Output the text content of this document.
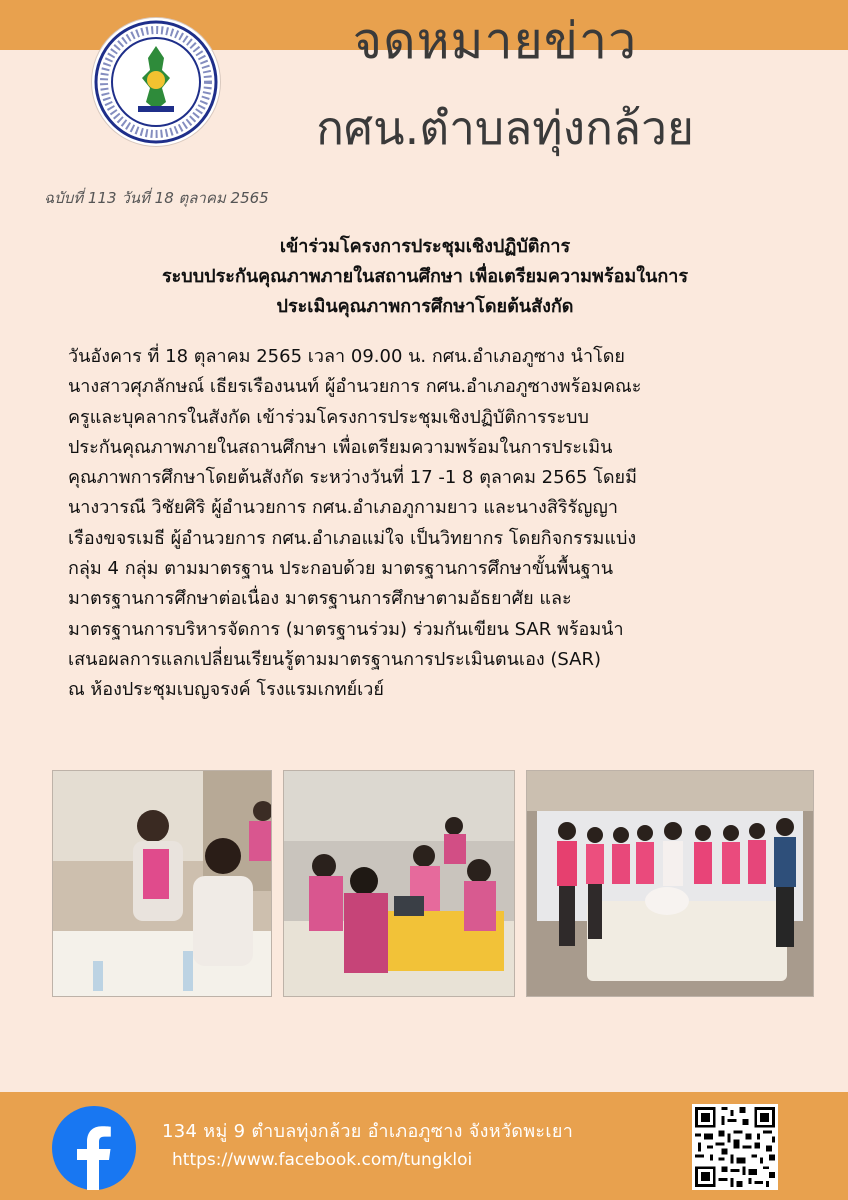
จดหมายข่าว
กศน.ตำบลทุ่งกล้วย
ฉบับที่ 113 วันที่ 18 ตุลาคม 2565
เข้าร่วมโครงการประชุมเชิงปฏิบัติการ
ระบบประกันคุณภาพภายในสถานศึกษา เพื่อเตรียมความพร้อมในการ
ประเมินคุณภาพการศึกษาโดยต้นสังกัด
วันอังคาร ที่ 18 ตุลาคม 2565 เวลา 09.00 น. กศน.อำเภอภูซาง นำโดย
นางสาวศุภลักษณ์ เธียรเรืองนนท์ ผู้อำนวยการ กศน.อำเภอภูซางพร้อมคณะ
ครูและบุคลากรในสังกัด เข้าร่วมโครงการประชุมเชิงปฏิบัติการระบบ
ประกันคุณภาพภายในสถานศึกษา เพื่อเตรียมความพร้อมในการประเมิน
คุณภาพการศึกษาโดยต้นสังกัด ระหว่างวันที่ 17 -1 8 ตุลาคม 2565 โดยมี
นางวารณี วิชัยศิริ ผู้อำนวยการ กศน.อำเภอภูกามยาว และนางสิริรัญญา
เรืองขจรเมธี ผู้อำนวยการ กศน.อำเภอแม่ใจ เป็นวิทยากร โดยกิจกรรมแบ่ง
กลุ่ม 4 กลุ่ม ตามมาตรฐาน ประกอบด้วย มาตรฐานการศึกษาขั้นพื้นฐาน
มาตรฐานการศึกษาต่อเนื่อง มาตรฐานการศึกษาตามอัธยาศัย และ
มาตรฐานการบริหารจัดการ (มาตรฐานร่วม) ร่วมกันเขียน SAR พร้อมนำ
เสนอผลการแลกเปลี่ยนเรียนรู้ตามมาตรฐานการประเมินตนเอง (SAR)
ณ ห้องประชุมเบญจรงค์ โรงแรมเกทย์เวย์
134 หมู่ 9 ตำบลทุ่งกล้วย อำเภอภูซาง จังหวัดพะเยา
https://www.facebook.com/tungkloi
